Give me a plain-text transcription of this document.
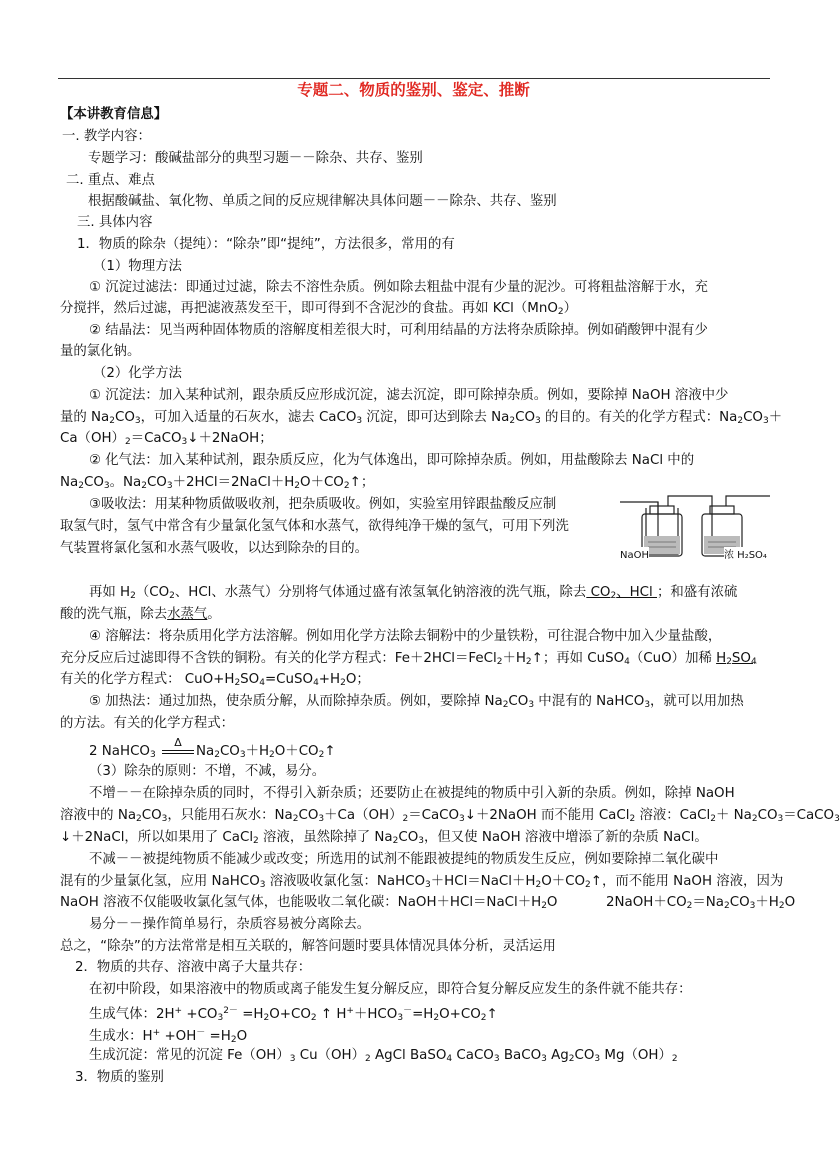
专题二、物质的鉴别、鉴定、推断
【本讲教育信息】
一. 教学内容：
专题学习：酸碱盐部分的典型习题－－除杂、共存、鉴别
二. 重点、难点
根据酸碱盐、氧化物、单质之间的反应规律解决具体问题－－除杂、共存、鉴别
三. 具体内容
1．物质的除杂（提纯）：“除杂”即“提纯”，方法很多，常用的有
（1）物理方法
① 沉淀过滤法：即通过过滤，除去不溶性杂质。例如除去粗盐中混有少量的泥沙。可将粗盐溶解于水，充
分搅拌，然后过滤，再把滤液蒸发至干，即可得到不含泥沙的食盐。再如 KCl（MnO$_2$）
② 结晶法：见当两种固体物质的溶解度相差很大时，可利用结晶的方法将杂质除掉。例如硝酸钾中混有少
量的氯化钠。
（2）化学方法
① 沉淀法：加入某种试剂，跟杂质反应形成沉淀，滤去沉淀，即可除掉杂质。例如，要除掉 NaOH 溶液中少
量的 $Na_2CO_3$，可加入适量的石灰水，滤去 CaCO$_3$ 沉淀，即可达到除去 $Na_2CO_3$ 的目的。有关的化学方程式：$Na_2CO_3+$
$Ca(OH)_2=CaCO_3↓+2NaOH$；
② 化气法：加入某种试剂，跟杂质反应，化为气体逸出，即可除掉杂质。例如，用盐酸除去 NaCl 中的
$Na_2CO_3$。$Na_2CO_3+2HCl=2NaCl+H_2O+CO_2↑$；
③吸收法：用某种物质做吸收剂，把杂质吸收。例如，实验室用锌跟盐酸反应制
取氢气时，氢气中常含有少量氯化氢气体和水蒸气，欲得纯净干燥的氢气，可用下列洗
气装置将氯化氢和水蒸气吸收，以达到除杂的目的。	NaOH	浓 H₂SO₄
再如 $H_2(CO_2$、HCl、水蒸气）分别将气体通过盛有浓氢氧化钠溶液的洗气瓶，除去 $CO_2$、HCl ；和盛有浓硫
酸的洗气瓶，除去水蒸气。
④ 溶解法：将杂质用化学方法溶解。例如用化学方法除去铜粉中的少量铁粉，可往混合物中加入少量盐酸，
充分反应后过滤即得不含铁的铜粉。有关的化学方程式：$Fe+2HCl=FeCl_2+H_2↑$；再如 CuSO$_4$（CuO）加稀 $H_2SO_4$
有关的化学方程式： $CuO+H_2SO_4=CuSO_4+H_2O$；
⑤ 加热法：通过加热，使杂质分解，从而除掉杂质。例如，要除掉 $Na_2CO_3$ 中混有的 NaHCO$_3$，就可以用加热
的方法。有关的化学方程式：
2 NaHCO$_3$
Δ
$Na_2CO_3+H_2O+CO_2↑$
（3）除杂的原则：不增，不减，易分。
不增－－在除掉杂质的同时，不得引入新杂质；还要防止在被提纯的物质中引入新的杂质。例如，除掉 NaOH
溶液中的 $Na_2CO_3$，只能用石灰水：$Na_2CO_3+Ca(OH)_2=CaCO_3↓+2NaOH$ 而不能用 CaCl$_2$ 溶液：CaCl$_2$＋ $Na_2CO_3=CaCO_3$
↓＋2NaCl，所以如果用了 CaCl$_2$ 溶液，虽然除掉了 $Na_2CO_3$，但又使 NaOH 溶液中增添了新的杂质 NaCl。
不减－－被提纯物质不能减少或改变；所选用的试剂不能跟被提纯的物质发生反应，例如要除掉二氧化碳中
混有的少量氯化氢，应用 NaHCO$_3$ 溶液吸收氯化氢：$NaHCO_3+HCl=NaCl+H_2O+CO_2↑$，而不能用 NaOH 溶液，因为
NaOH 溶液不仅能吸收氯化氢气体，也能吸收二氧化碳：$NaOH+HCl=NaCl+H_2O$	$2NaOH+CO_2=Na_2CO_3+H_2O$
易分－－操作简单易行，杂质容易被分离除去。
总之，“除杂”的方法常常是相互关联的，解答问题时要具体情况具体分析，灵活运用
2．物质的共存、溶液中离子大量共存：
在初中阶段，如果溶液中的物质或离子能发生复分解反应，即符合复分解反应发生的条件就不能共存：
生成气体：$2H^+ +CO_3^{2-} =H_2O+CO_2$ ↑ $H^++HCO_3^-=H_2O+CO_2↑$
生成水：$H^+ +OH^- =H_2O$
生成沉淀：常见的沉淀 $Fe(OH)_3$ $Cu(OH)_2$ AgCl BaSO$_4$ CaCO$_3$ BaCO$_3$ $Ag_2CO_3$ $Mg(OH)_2$
3．物质的鉴别
